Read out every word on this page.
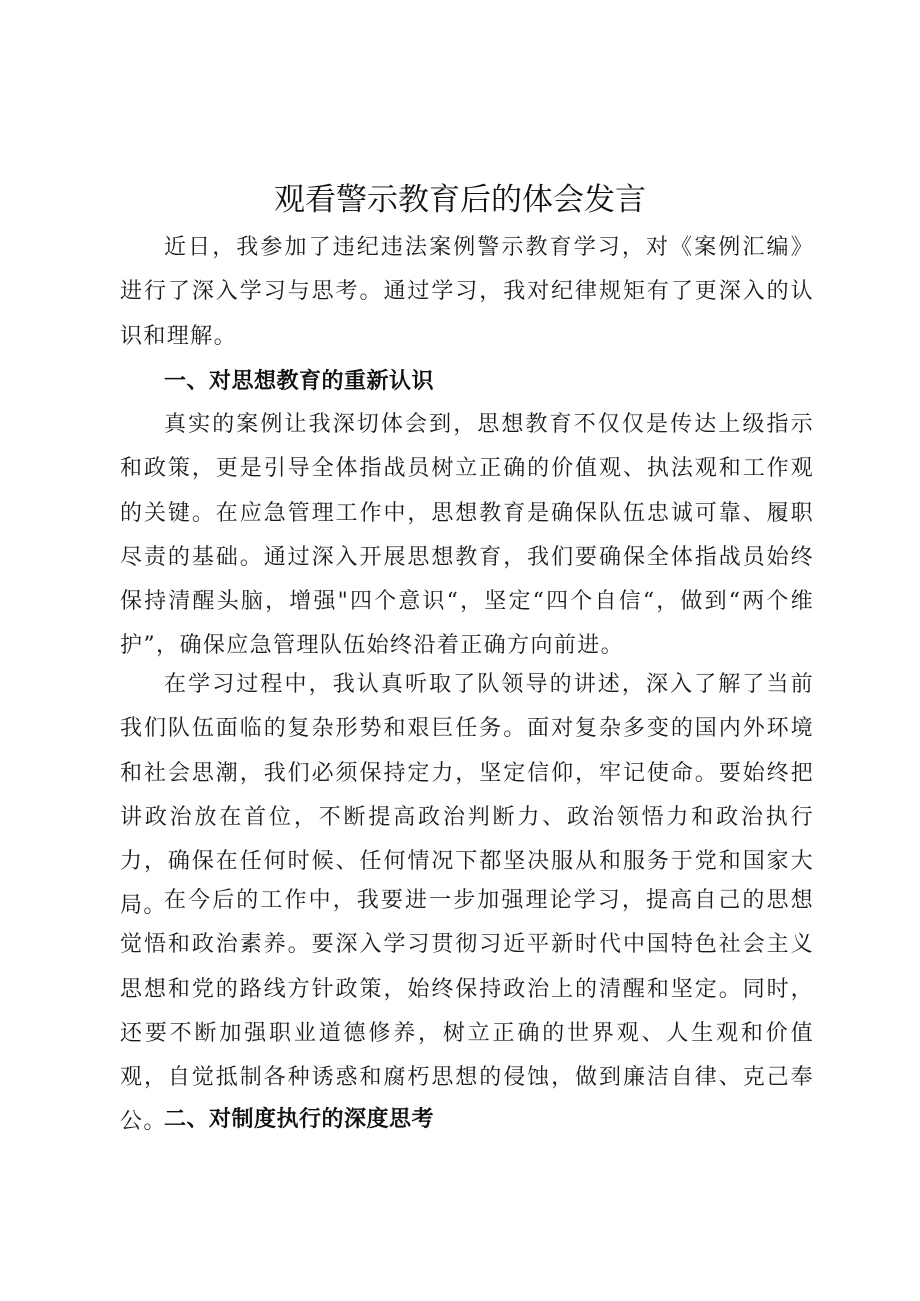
观看警示教育后的体会发言

近日，我参加了违纪违法案例警示教育学习，对《案例汇编》进行了深入学习与思考。通过学习，我对纪律规矩有了更深入的认识和理解。

一、对思想教育的重新认识

真实的案例让我深切体会到，思想教育不仅仅是传达上级指示和政策，更是引导全体指战员树立正确的价值观、执法观和工作观的关键。在应急管理工作中，思想教育是确保队伍忠诚可靠、履职尽责的基础。通过深入开展思想教育，我们要确保全体指战员始终保持清醒头脑，增强"四个意识“，坚定“四个自信“，做到“两个维护”，确保应急管理队伍始终沿着正确方向前进。

在学习过程中，我认真听取了队领导的讲述，深入了解了当前我们队伍面临的复杂形势和艰巨任务。面对复杂多变的国内外环境和社会思潮，我们必须保持定力，坚定信仰，牢记使命。要始终把讲政治放在首位，不断提高政治判断力、政治领悟力和政治执行力，确保在任何时候、任何情况下都坚决服从和服务于党和国家大局。

在今后的工作中，我要进一步加强理论学习，提高自己的思想觉悟和政治素养。要深入学习贯彻习近平新时代中国特色社会主义思想和党的路线方针政策，始终保持政治上的清醒和坚定。同时，还要不断加强职业道德修养，树立正确的世界观、人生观和价值观，自觉抵制各种诱惑和腐朽思想的侵蚀，做到廉洁自律、克己奉公。

二、对制度执行的深度思考
